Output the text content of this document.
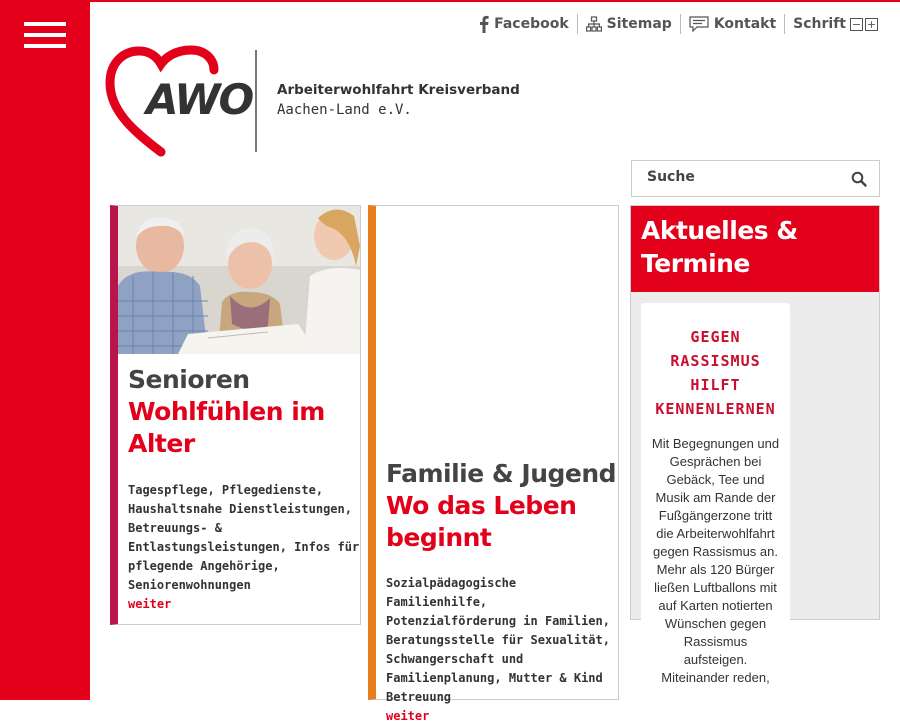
Facebook	Sitemap	Kontakt Schrift − +
AWO Arbeiterwohlfahrt Kreisverband
Aachen-Land e.V.
Suche
Senioren
Wohlfühlen im
Alter
Tagespflege, Pflegedienste,
Haushaltsnahe Dienstleistungen,
Betreuungs- &
Entlastungsleistungen, Infos für
pflegende Angehörige,
Seniorenwohnungen
weiter
Familie & Jugend
Wo das Leben
beginnt
Sozialpädagogische Familienhilfe,
Potenzialförderung in Familien,
Beratungsstelle für Sexualität,
Schwangerschaft und
Familienplanung, Mutter & Kind
Betreuung
weiter
Aktuelles &
Termine
GEGEN
RASSISMUS
HILFT
KENNENLERNEN

Mit Begegnungen und Gesprächen bei Gebäck, Tee und Musik am Rande der Fußgängerzone tritt die Arbeiterwohlfahrt gegen Rassismus an. Mehr als 120 Bürger ließen Luftballons mit auf Karten notierten Wünschen gegen Rassismus aufsteigen. Miteinander reden,
